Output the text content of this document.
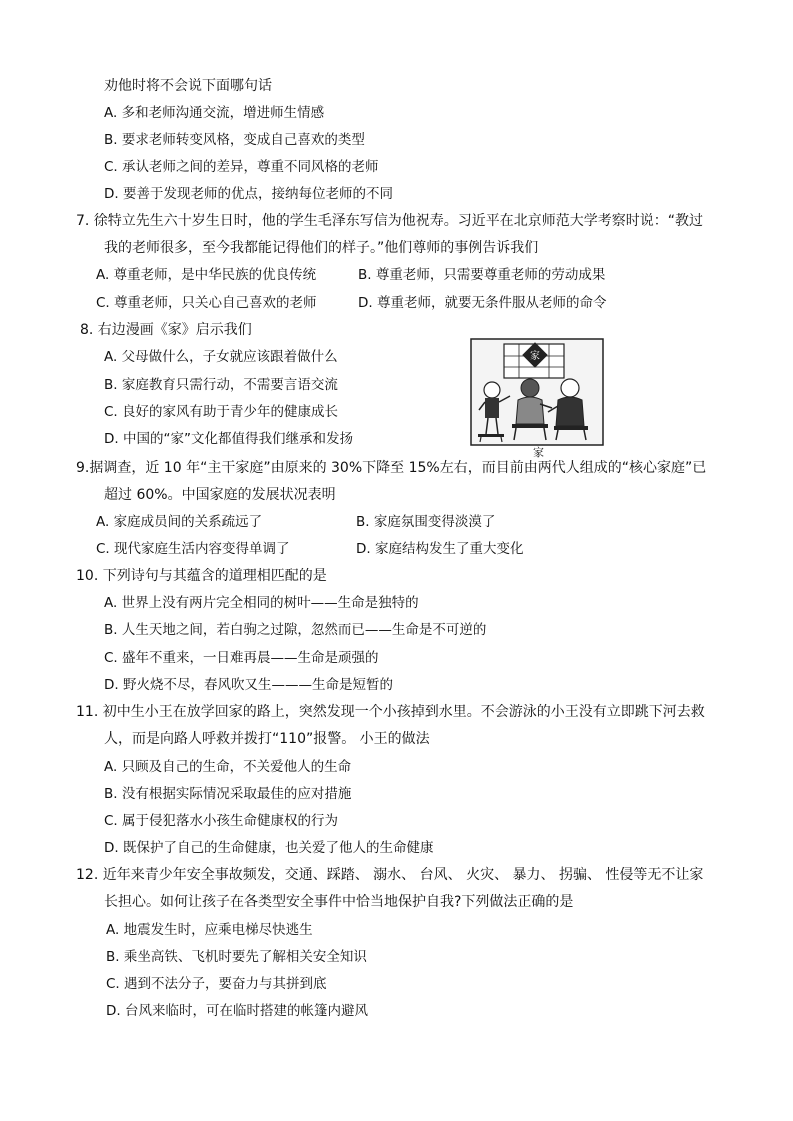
劝他时将不会说下面哪句话
A. 多和老师沟通交流，增进师生情感
B. 要求老师转变风格，变成自己喜欢的类型
C. 承认老师之间的差异，尊重不同风格的老师
D. 要善于发现老师的优点，接纳每位老师的不同
7. 徐特立先生六十岁生日时，他的学生毛泽东写信为他祝寿。习近平在北京师范大学考察时说：“教过
我的老师很多，至今我都能记得他们的样子。”他们尊师的事例告诉我们
A. 尊重老师，是中华民族的优良传统	B. 尊重老师，只需要尊重老师的劳动成果
C. 尊重老师，只关心自己喜欢的老师	D. 尊重老师，就要无条件服从老师的命令
8. 右边漫画《家》启示我们
A. 父母做什么，子女就应该跟着做什么
B. 家庭教育只需行动，不需要言语交流
C. 良好的家风有助于青少年的健康成长
D. 中国的“家”文化都值得我们继承和发扬
家
家
9.据调查，近 10 年“主干家庭”由原来的 30%下降至 15%左右，而目前由两代人组成的“核心家庭”已
超过 60%。中国家庭的发展状况表明
A. 家庭成员间的关系疏远了	B. 家庭氛围变得淡漠了
C. 现代家庭生活内容变得单调了	D. 家庭结构发生了重大变化
10. 下列诗句与其蕴含的道理相匹配的是
A. 世界上没有两片完全相同的树叶——生命是独特的
B. 人生天地之间，若白驹之过隙，忽然而已——生命是不可逆的
C. 盛年不重来，一日难再晨——生命是顽强的
D. 野火烧不尽，春风吹又生———生命是短暂的
11. 初中生小王在放学回家的路上，突然发现一个小孩掉到水里。不会游泳的小王没有立即跳下河去救
人，而是向路人呼救并拨打“110”报警。 小王的做法
A. 只顾及自己的生命，不关爱他人的生命
B. 没有根据实际情况采取最佳的应对措施
C. 属于侵犯落水小孩生命健康权的行为
D. 既保护了自己的生命健康，也关爱了他人的生命健康
12. 近年来青少年安全事故频发，交通、踩踏、 溺水、 台风、 火灾、 暴力、 拐骗、 性侵等无不让家
长担心。如何让孩子在各类型安全事件中恰当地保护自我?下列做法正确的是
A. 地震发生时，应乘电梯尽快逃生
B. 乘坐高铁、飞机时要先了解相关安全知识
C. 遇到不法分子，要奋力与其拼到底
D. 台风来临时，可在临时搭建的帐篷内避风
